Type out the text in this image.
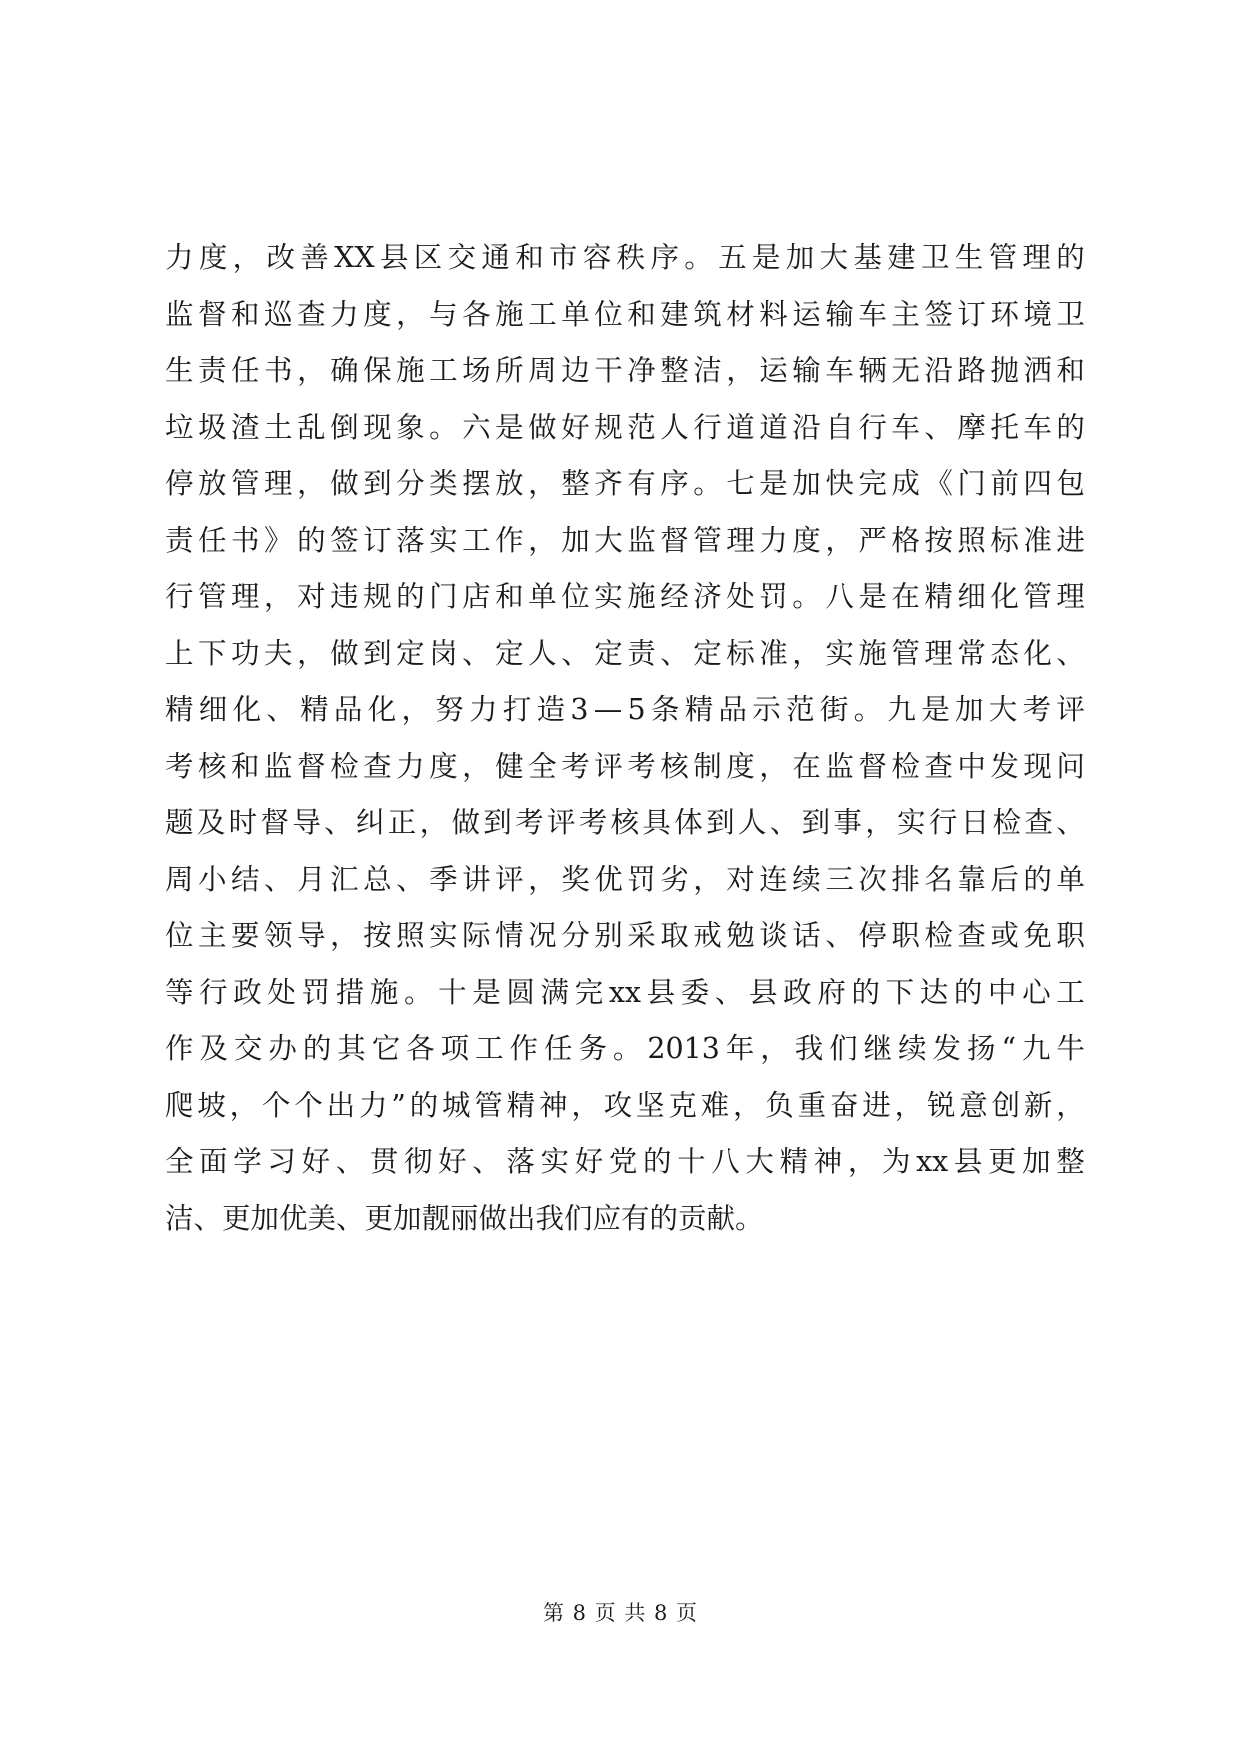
力 度 ， 改 善 XX 县 区 交 通 和 市 容 秩 序 。 五 是 加 大 基 建 卫 生 管 理 的
监 督 和 巡 查 力 度 ， 与 各 施 工 单 位 和 建 筑 材 料 运 输 车 主 签 订 环 境 卫
生 责 任 书 ， 确 保 施 工 场 所 周 边 干 净 整 洁 ， 运 输 车 辆 无 沿 路 抛 洒 和
垃 圾 渣 土 乱 倒 现 象 。 六 是 做 好 规 范 人 行 道 道 沿 自 行 车 、 摩 托 车 的
停 放 管 理 ， 做 到 分 类 摆 放 ， 整 齐 有 序 。 七 是 加 快 完 成 《 门 前 四 包
责 任 书 》 的 签 订 落 实 工 作 ， 加 大 监 督 管 理 力 度 ， 严 格 按 照 标 准 进
行 管 理 ， 对 违 规 的 门 店 和 单 位 实 施 经 济 处 罚 。 八 是 在 精 细 化 管 理
上 下 功 夫 ， 做 到 定 岗 、 定 人 、 定 责 、 定 标 准 ， 实 施 管 理 常 态 化 、
精 细 化 、 精 品 化 ， 努 力 打 造 3 — 5 条 精 品 示 范 街 。 九 是 加 大 考 评
考 核 和 监 督 检 查 力 度 ， 健 全 考 评 考 核 制 度 ， 在 监 督 检 查 中 发 现 问
题 及 时 督 导 、 纠 正 ， 做 到 考 评 考 核 具 体 到 人 、 到 事 ， 实 行 日 检 查 、
周 小 结 、 月 汇 总 、 季 讲 评 ， 奖 优 罚 劣 ， 对 连 续 三 次 排 名 靠 后 的 单
位 主 要 领 导 ， 按 照 实 际 情 况 分 别 采 取 戒 勉 谈 话 、 停 职 检 查 或 免 职
等 行 政 处 罚 措 施 。 十 是 圆 满 完 xx 县 委 、 县 政 府 的 下 达 的 中 心 工
作 及 交 办 的 其 它 各 项 工 作 任 务 。 2013 年 ， 我 们 继 续 发 扬 “ 九 牛
爬 坡 ， 个 个 出 力 ” 的 城 管 精 神 ， 攻 坚 克 难 ， 负 重 奋 进 ， 锐 意 创 新 ，
全 面 学 习 好 、 贯 彻 好 、 落 实 好 党 的 十 八 大 精 神 ， 为 xx 县 更 加 整
洁、更加优美、更加靓丽做出我们应有的贡献。
第 8 页 共 8 页
